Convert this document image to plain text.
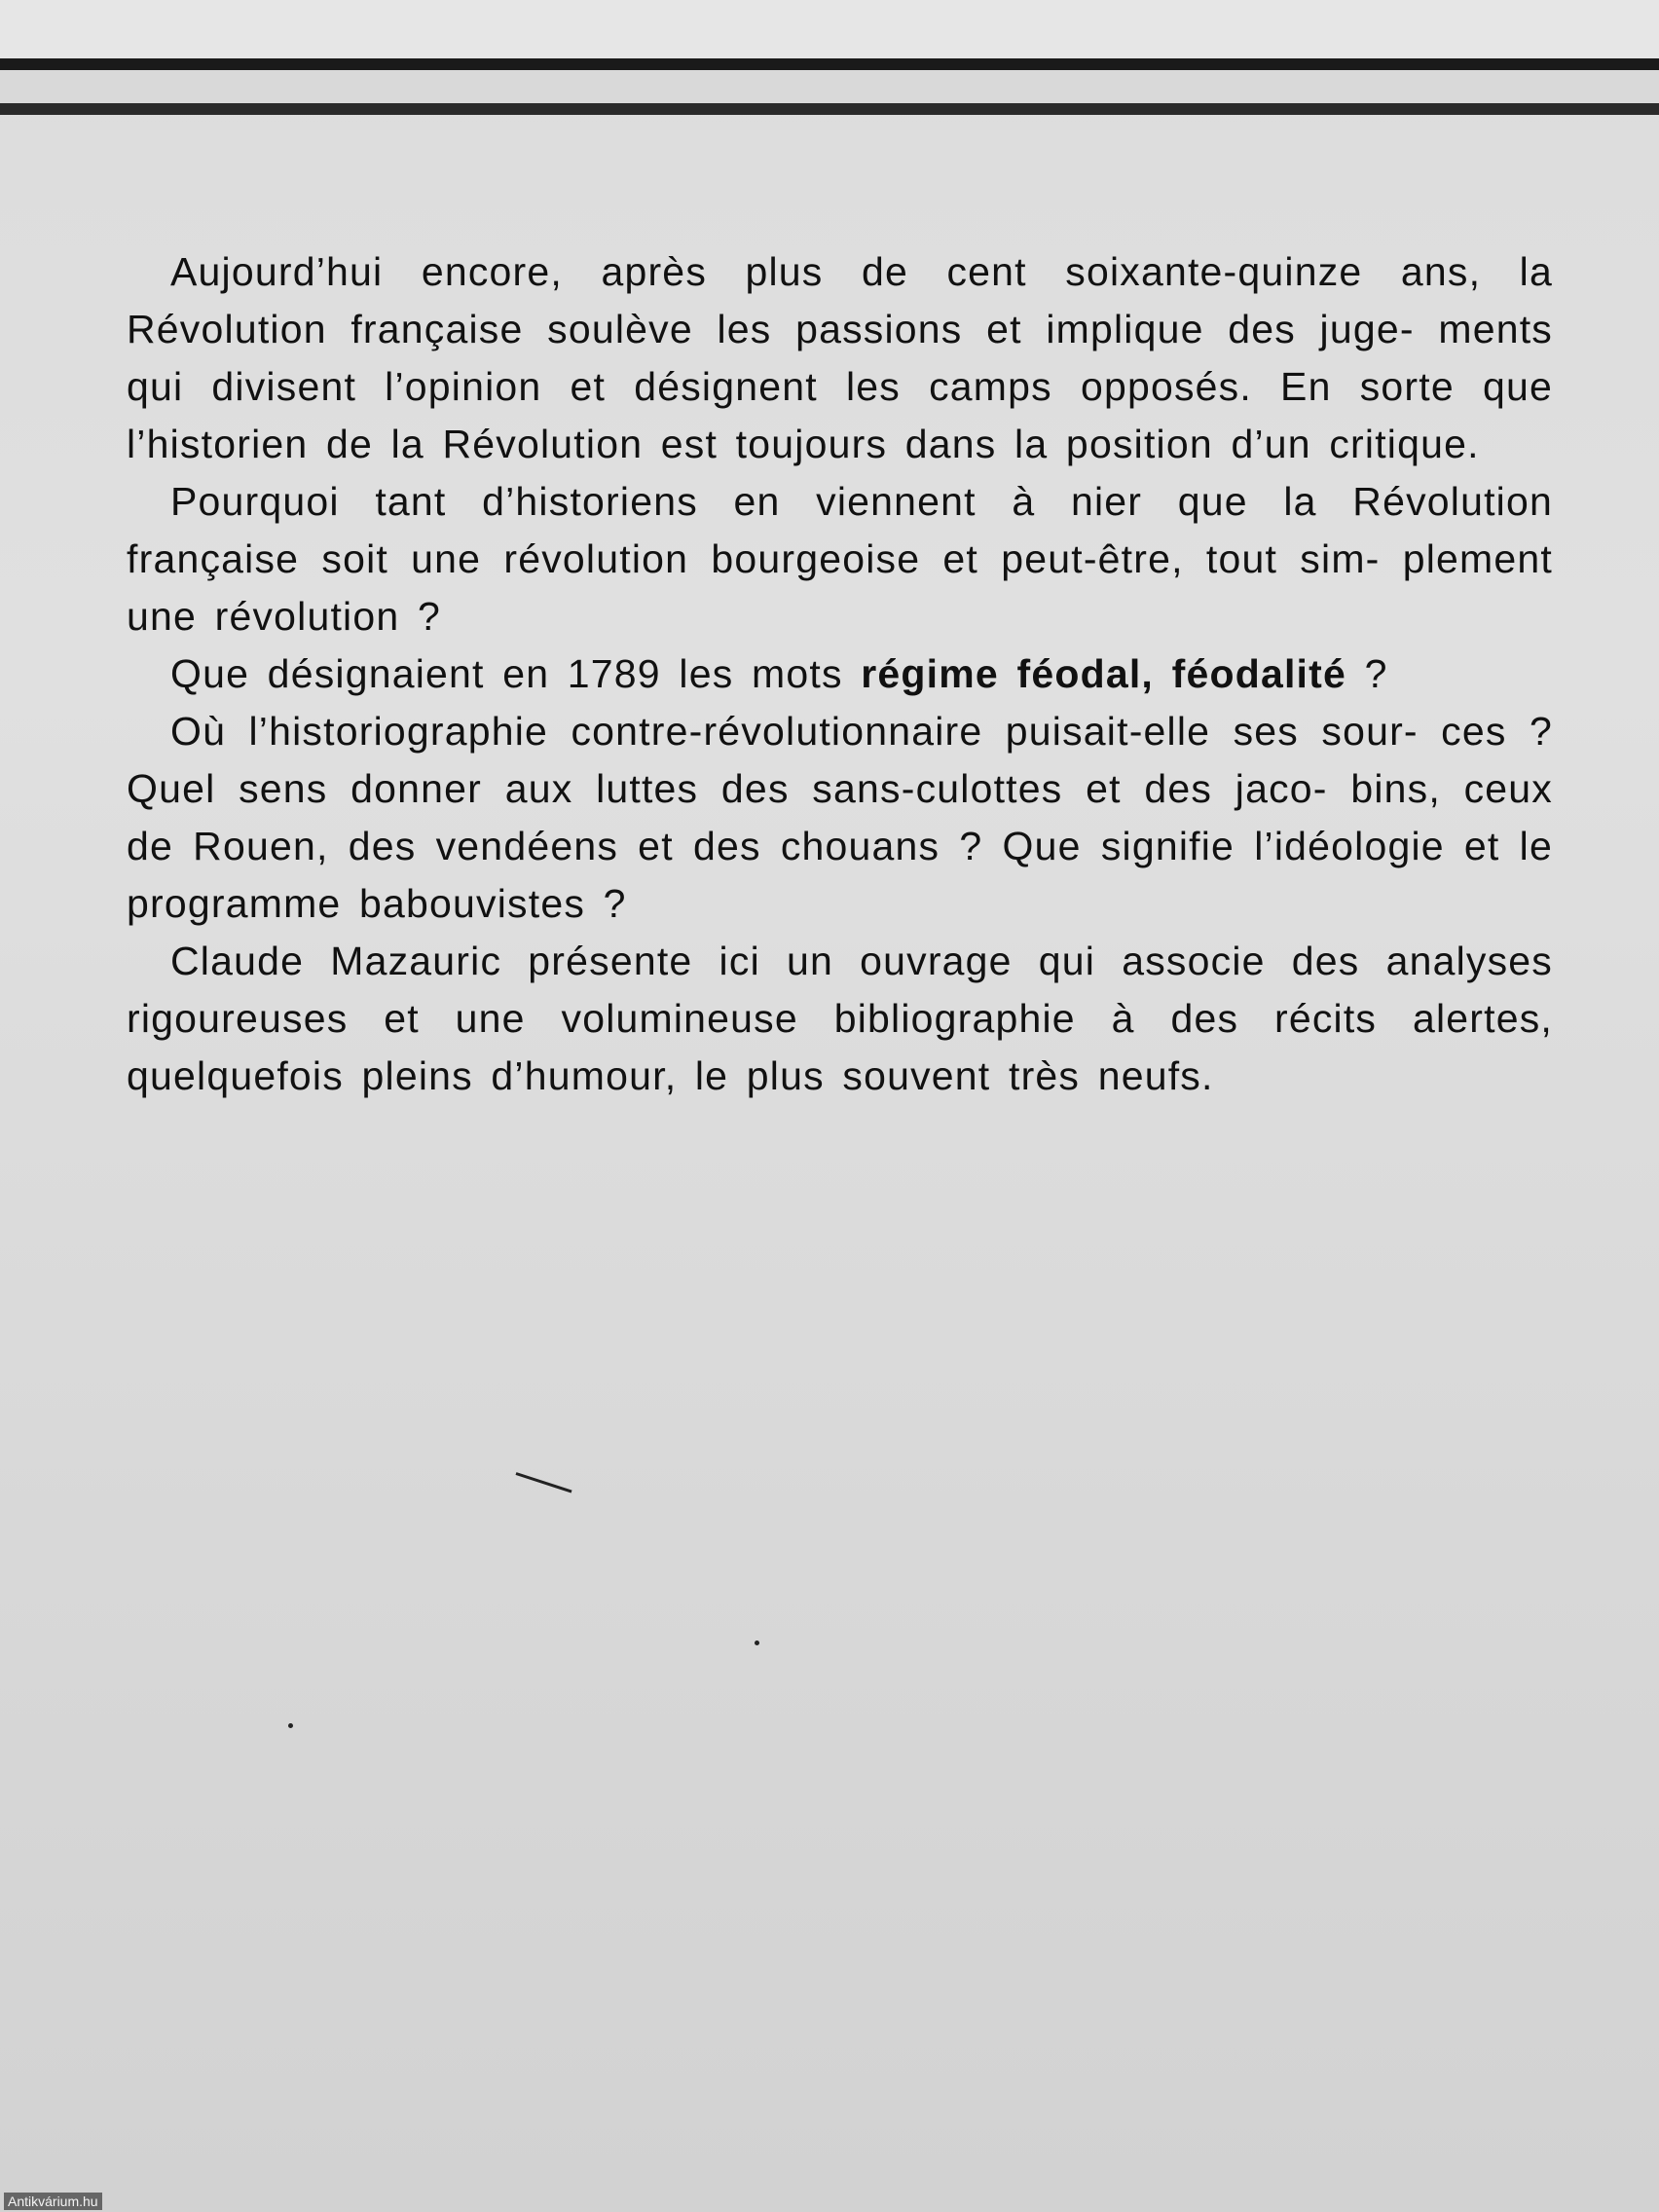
Aujourd’hui encore, après plus de cent soixante-quinze ans, la Révolution française soulève les passions et implique des juge- ments qui divisent l’opinion et désignent les camps opposés. En sorte que l’historien de la Révolution est toujours dans la position d’un critique.

Pourquoi tant d’historiens en viennent à nier que la Révolution française soit une révolution bourgeoise et peut-être, tout sim- plement une révolution ?

Que désignaient en 1789 les mots régime féodal, féodalité ?

Où l’historiographie contre-révolutionnaire puisait-elle ses sour- ces ? Quel sens donner aux luttes des sans-culottes et des jaco- bins, ceux de Rouen, des vendéens et des chouans ? Que signifie l’idéologie et le programme babouvistes ?

Claude Mazauric présente ici un ouvrage qui associe des analyses rigoureuses et une volumineuse bibliographie à des récits alertes, quelquefois pleins d’humour, le plus souvent très neufs.

Antikvárium.hu
